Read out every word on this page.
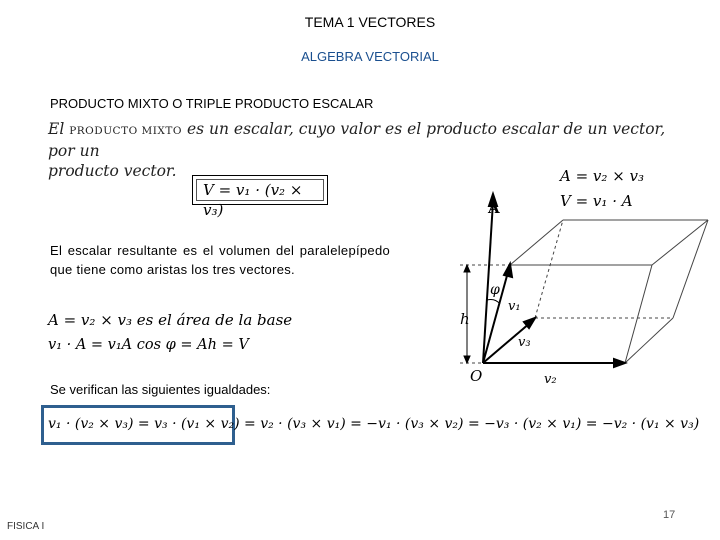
TEMA 1 VECTORES
ALGEBRA VECTORIAL
PRODUCTO MIXTO O TRIPLE PRODUCTO ESCALAR
El PRODUCTO MIXTO es un escalar, cuyo valor es el producto escalar de un vector, por un
producto vector.
V = v₁ · (v₂ × v₃)
El escalar resultante es el volumen del paralelepípedo que tiene como aristas los tres vectores.
A = v₂ × v₃ es el área de la base
v₁ · A = v₁A cos φ = Ah = V
Se verifican las siguientes igualdades:
v₁ · (v₂ × v₃) = v₃ · (v₁ × v₂) = v₂ · (v₃ × v₁) = −v₁ · (v₃ × v₂) = −v₃ · (v₂ × v₁) = −v₂ · (v₁ × v₃)
A = v₂ × v₃
V = v₁ · A
A
v₁
v₃
v₂
φ
h
O
FISICA I
17
